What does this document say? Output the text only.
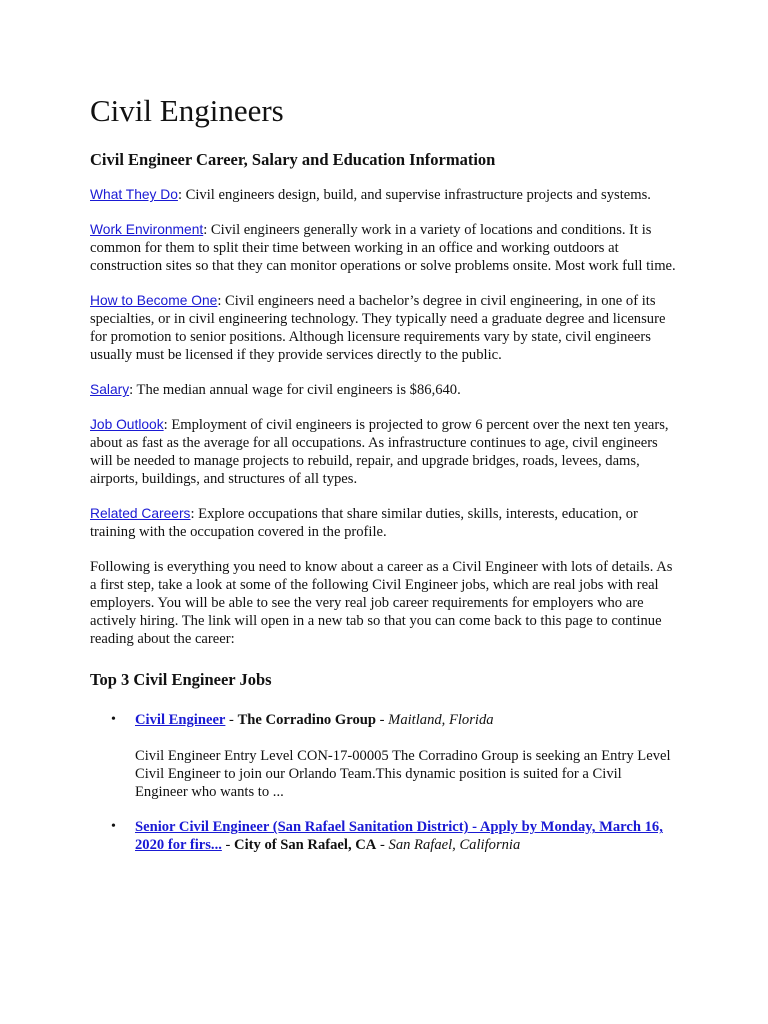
Civil Engineers
Civil Engineer Career, Salary and Education Information

What They Do: Civil engineers design, build, and supervise infrastructure projects and systems.

Work Environment: Civil engineers generally work in a variety of locations and conditions. It is common for them to split their time between working in an office and working outdoors at construction sites so that they can monitor operations or solve problems onsite. Most work full time.

How to Become One: Civil engineers need a bachelor’s degree in civil engineering, in one of its specialties, or in civil engineering technology. They typically need a graduate degree and licensure for promotion to senior positions. Although licensure requirements vary by state, civil engineers usually must be licensed if they provide services directly to the public.

Salary: The median annual wage for civil engineers is $86,640.

Job Outlook: Employment of civil engineers is projected to grow 6 percent over the next ten years, about as fast as the average for all occupations. As infrastructure continues to age, civil engineers will be needed to manage projects to rebuild, repair, and upgrade bridges, roads, levees, dams, airports, buildings, and structures of all types.

Related Careers: Explore occupations that share similar duties, skills, interests, education, or training with the occupation covered in the profile.

Following is everything you need to know about a career as a Civil Engineer with lots of details. As a first step, take a look at some of the following Civil Engineer jobs, which are real jobs with real employers. You will be able to see the very real job career requirements for employers who are actively hiring. The link will open in a new tab so that you can come back to this page to continue reading about the career:

Top 3 Civil Engineer Jobs
• Civil Engineer - The Corradino Group - Maitland, Florida
Civil Engineer Entry Level CON-17-00005 The Corradino Group is seeking an Entry Level Civil Engineer to join our Orlando Team.This dynamic position is suited for a Civil Engineer who wants to ...
• Senior Civil Engineer (San Rafael Sanitation District) - Apply by Monday, March 16, 2020 for firs... - City of San Rafael, CA - San Rafael, California
